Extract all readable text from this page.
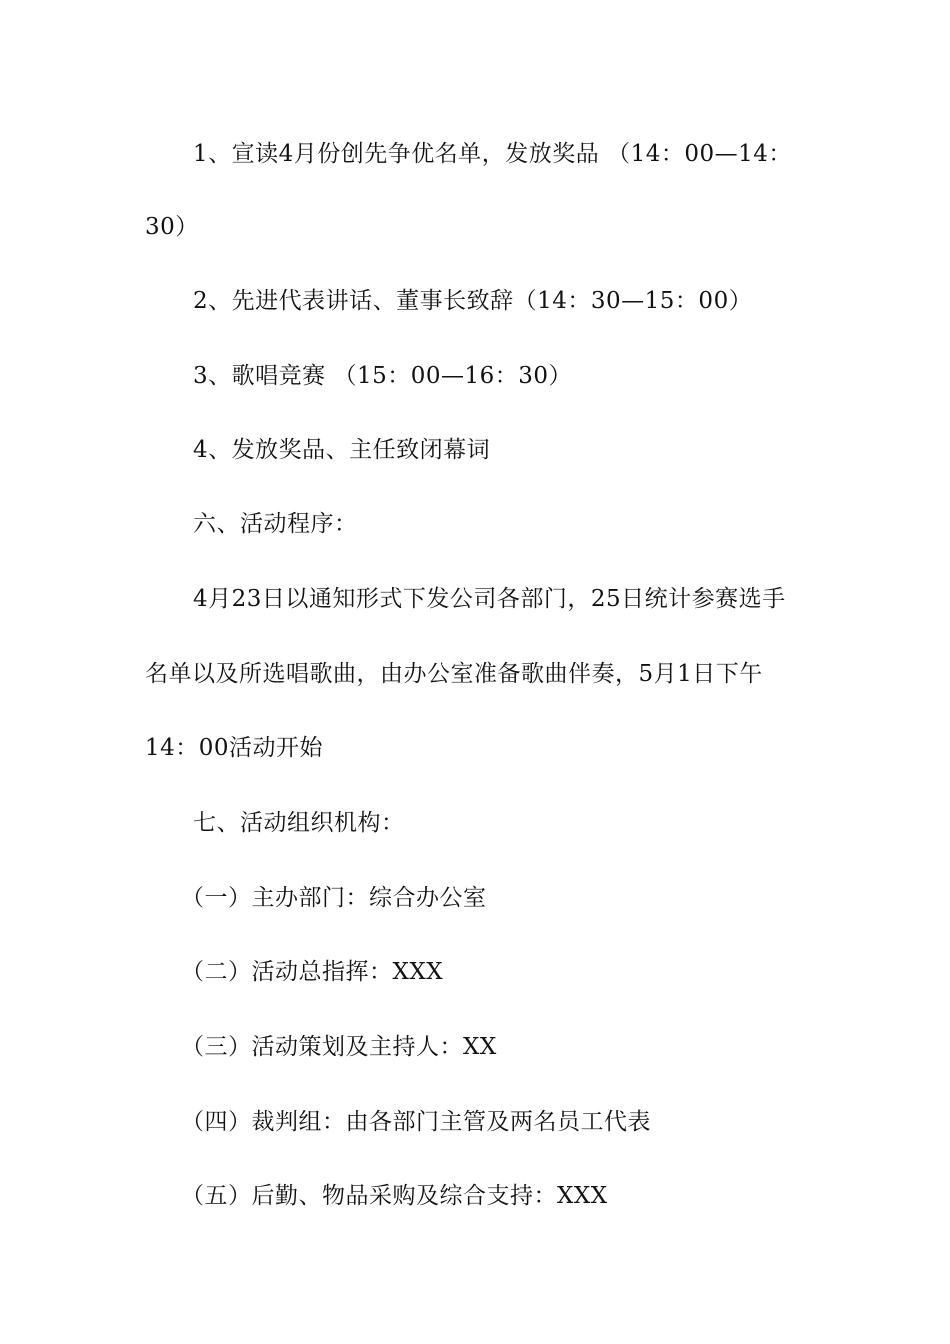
1、宣读4月份创先争优名单，发放奖品 （14：00—14：
30）
2、先进代表讲话、董事长致辞（14：30—15：00）
3、歌唱竞赛 （15：00—16：30）
4、发放奖品、主任致闭幕词
六、活动程序：
4月23日以通知形式下发公司各部门，25日统计参赛选手
名单以及所选唱歌曲，由办公室准备歌曲伴奏，5月1日下午
14：00活动开始
七、活动组织机构：
（一）主办部门：综合办公室
（二）活动总指挥：XXX
（三）活动策划及主持人：XX
（四）裁判组：由各部门主管及两名员工代表
（五）后勤、物品采购及综合支持：XXX
